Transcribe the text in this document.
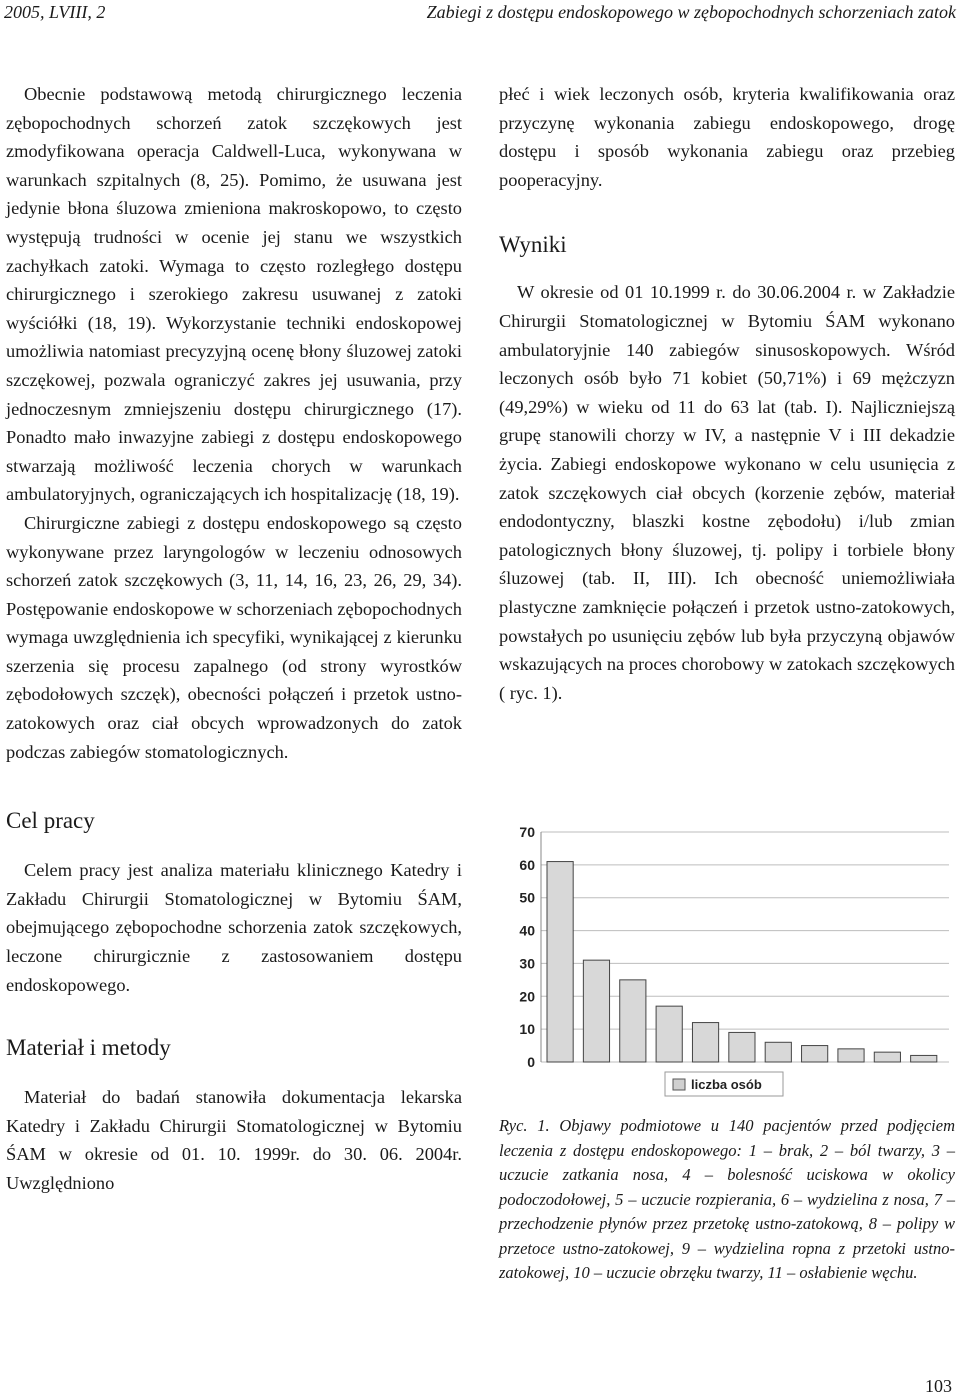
2005, LVIII, 2	Zabiegi z dostępu endoskopowego w zębopochodnych schorzeniach zatok

Obecnie podstawową metodą chirurgicznego leczenia zębopochodnych schorzeń zatok szczękowych jest zmodyfikowana operacja Caldwell-Luca, wykonywana w warunkach szpitalnych (8, 25). Pomimo, że usuwana jest jedynie błona śluzowa zmieniona makroskopowo, to często występują trudności w ocenie jej stanu we wszystkich zachyłkach zatoki. Wymaga to często rozległego dostępu chirurgicznego i szerokiego zakresu usuwanej z zatoki wyściółki (18, 19). Wykorzystanie techniki endoskopowej umożliwia natomiast precyzyjną ocenę błony śluzowej zatoki szczękowej, pozwala ograniczyć zakres jej usuwania, przy jednoczesnym zmniejszeniu dostępu chirurgicznego (17). Ponadto mało inwazyjne zabiegi z dostępu endoskopowego stwarzają możliwość leczenia chorych w warunkach ambulatoryjnych, ograniczających ich hospitalizację (18, 19).

Chirurgiczne zabiegi z dostępu endoskopowego są często wykonywane przez laryngologów w leczeniu odnosowych schorzeń zatok szczękowych (3, 11, 14, 16, 23, 26, 29, 34). Postępowanie endoskopowe w schorzeniach zębopochodnych wymaga uwzględnienia ich specyfiki, wynikającej z kierunku szerzenia się procesu zapalnego (od strony wyrostków zębodołowych szczęk), obecności połączeń i przetok ustno-zatokowych oraz ciał obcych wprowadzonych do zatok podczas zabiegów stomatologicznych.

Cel pracy

Celem pracy jest analiza materiału klinicznego Katedry i Zakładu Chirurgii Stomatologicznej w Bytomiu ŚAM, obejmującego zębopochodne schorzenia zatok szczękowych, leczone chirurgicznie z zastosowaniem dostępu endoskopowego.

Materiał i metody

Materiał do badań stanowiła dokumentacja lekarska Katedry i Zakładu Chirurgii Stomatologicznej w Bytomiu ŚAM w okresie od 01. 10. 1999r. do 30. 06. 2004r. Uwzględniono

płeć i wiek leczonych osób, kryteria kwalifikowania oraz przyczynę wykonania zabiegu endoskopowego, drogę dostępu i sposób wykonania zabiegu oraz przebieg pooperacyjny.

Wyniki

W okresie od 01 10.1999 r. do 30.06.2004 r. w Zakładzie Chirurgii Stomatologicznej w Bytomiu ŚAM wykonano ambulatoryjnie 140 zabiegów sinusoskopowych. Wśród leczonych osób było 71 kobiet (50,71%) i 69 mężczyzn (49,29%) w wieku od 11 do 63 lat (tab. I). Najliczniejszą grupę stanowili chorzy w IV, a następnie V i III dekadzie życia. Zabiegi endoskopowe wykonano w celu usunięcia z zatok szczękowych ciał obcych (korzenie zębów, materiał endodontyczny, blaszki kostne zębodołu) i/lub zmian patologicznych błony śluzowej, tj. polipy i torbiele błony śluzowej (tab. II, III). Ich obecność uniemożliwiała plastyczne zamknięcie połączeń i przetok ustno-zatokowych, powstałych po usunięciu zębów lub była przyczyną objawów wskazujących na proces chorobowy w zatokach szczękowych ( ryc. 1).

70
60
50
40
30
20
10
0
liczba osób
Ryc. 1. Objawy podmiotowe u 140 pacjentów przed podjęciem leczenia z dostępu endoskopowego: 1 – brak, 2 – ból twarzy, 3 – uczucie zatkania nosa, 4 – bolesność uciskowa w okolicy podoczodołowej, 5 – uczucie rozpierania, 6 – wydzielina z nosa, 7 – przechodzenie płynów przez przetokę ustno-zatokową, 8 – polipy w przetoce ustno-zatokowej, 9 – wydzielina ropna z przetoki ustno-zatokowej, 10 – uczucie obrzęku twarzy, 11 – osłabienie węchu.
103
